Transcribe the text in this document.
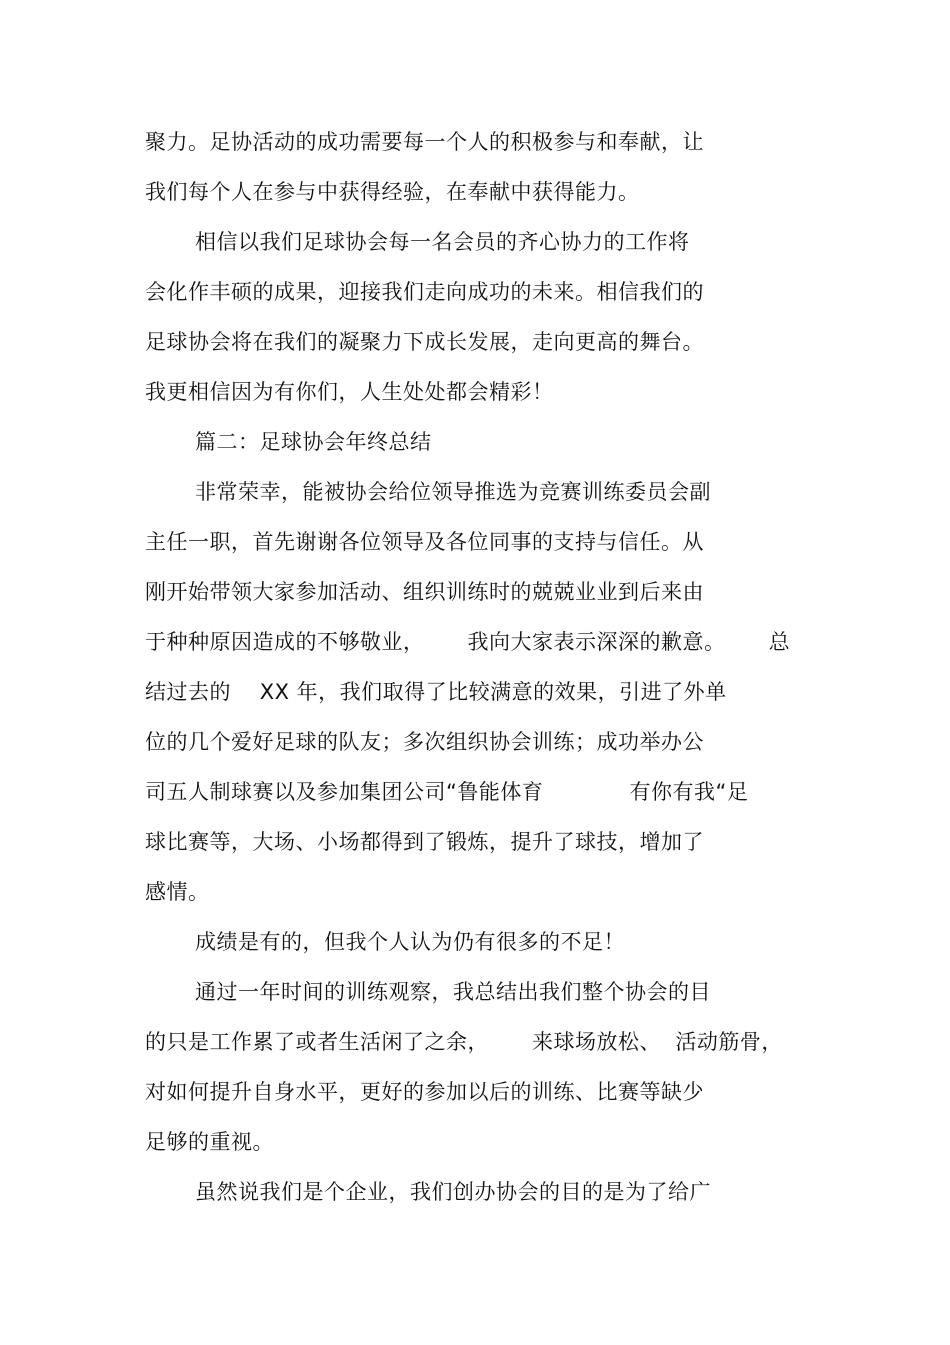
聚力。足协活动的成功需要每一个人的积极参与和奉献，让
我们每个人在参与中获得经验，在奉献中获得能力。
相信以我们足球协会每一名会员的齐心协力的工作将
会化作丰硕的成果，迎接我们走向成功的未来。相信我们的
足球协会将在我们的凝聚力下成长发展，走向更高的舞台。
我更相信因为有你们，人生处处都会精彩！
篇二：足球协会年终总结
非常荣幸，能被协会给位领导推选为竞赛训练委员会副
主任一职，首先谢谢各位领导及各位同事的支持与信任。从
刚开始带领大家参加活动、组织训练时的兢兢业业到后来由
于种种原因造成的不够敬业，      我向大家表示深深的歉意。      总
结过去的    XX 年，我们取得了比较满意的效果，引进了外单
位的几个爱好足球的队友；多次组织协会训练；成功举办公
司五人制球赛以及参加集团公司“鲁能体育            有你有我“足
球比赛等，大场、小场都得到了锻炼，提升了球技，增加了
感情。
成绩是有的，但我个人认为仍有很多的不足！
通过一年时间的训练观察，我总结出我们整个协会的目
的只是工作累了或者生活闲了之余，      来球场放松、  活动筋骨，
对如何提升自身水平，更好的参加以后的训练、比赛等缺少
足够的重视。
虽然说我们是个企业，我们创办协会的目的是为了给广
